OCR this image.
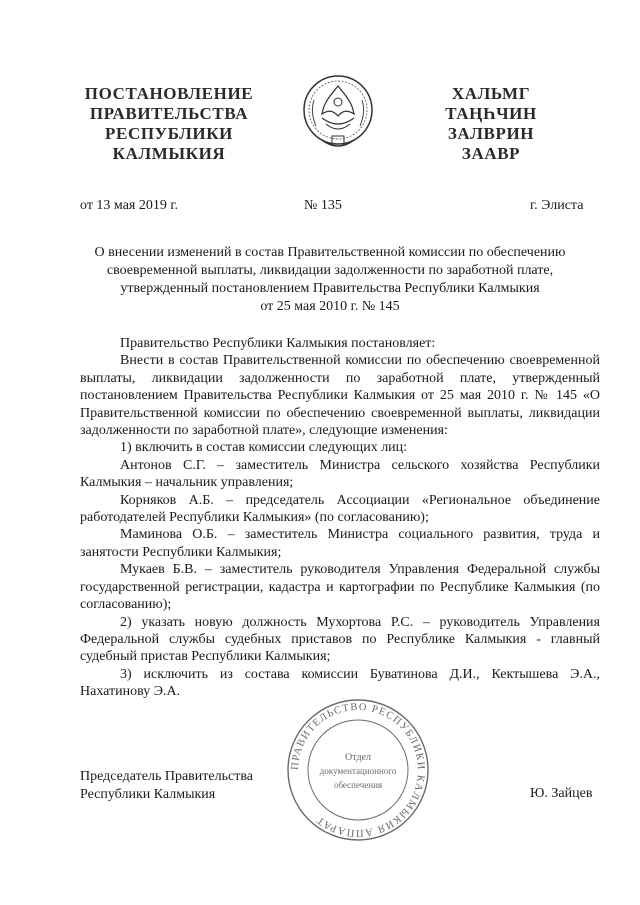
ПОСТАНОВЛЕНИЕ
ПРАВИТЕЛЬСТВА
РЕСПУБЛИКИ
КАЛМЫКИЯ
ХАЛЬМГ
ТАҢҺЧИН
ЗАЛВРИН
ЗААВР
от 13 мая 2019 г.	№ 135	г. Элиста
О внесении изменений в состав Правительственной комиссии по обеспечению
своевременной выплаты, ликвидации задолженности по заработной плате,
утвержденный постановлением Правительства Республики Калмыкия
от 25 мая 2010 г. № 145

Правительство Республики Калмыкия постановляет:

Внести в состав Правительственной комиссии по обеспечению своевременной выплаты, ликвидации задолженности по заработной плате, утвержденный постановлением Правительства Республики Калмыкия от 25 мая 2010 г. № 145 «О Правительственной комиссии по обеспечению своевременной выплаты, ликвидации задолженности по заработной плате», следующие изменения:

1) включить в состав комиссии следующих лиц:

Антонов С.Г. – заместитель Министра сельского хозяйства Республики Калмыкия – начальник управления;

Корняков А.Б. – председатель Ассоциации «Региональное объединение работодателей Республики Калмыкия» (по согласованию);

Маминова О.Б. – заместитель Министра социального развития, труда и занятости Республики Калмыкия;

Мукаев Б.В. – заместитель руководителя Управления Федеральной службы государственной регистрации, кадастра и картографии по Республике Калмыкия (по согласованию);

2) указать новую должность Мухортова Р.С. – руководитель Управления Федеральной службы судебных приставов по Республике Калмыкия - главный судебный пристав Республики Калмыкия;

3) исключить из состава комиссии Буватинова Д.И., Кектышева Э.А., Нахатинову Э.А.

ПРАВИТЕЛЬСТВО РЕСПУБЛИКИ КАЛМЫКИЯ АППАРАТ
Отдел
документационного
обеспечения
Председатель Правительства
Республики Калмыкия	Ю. Зайцев
